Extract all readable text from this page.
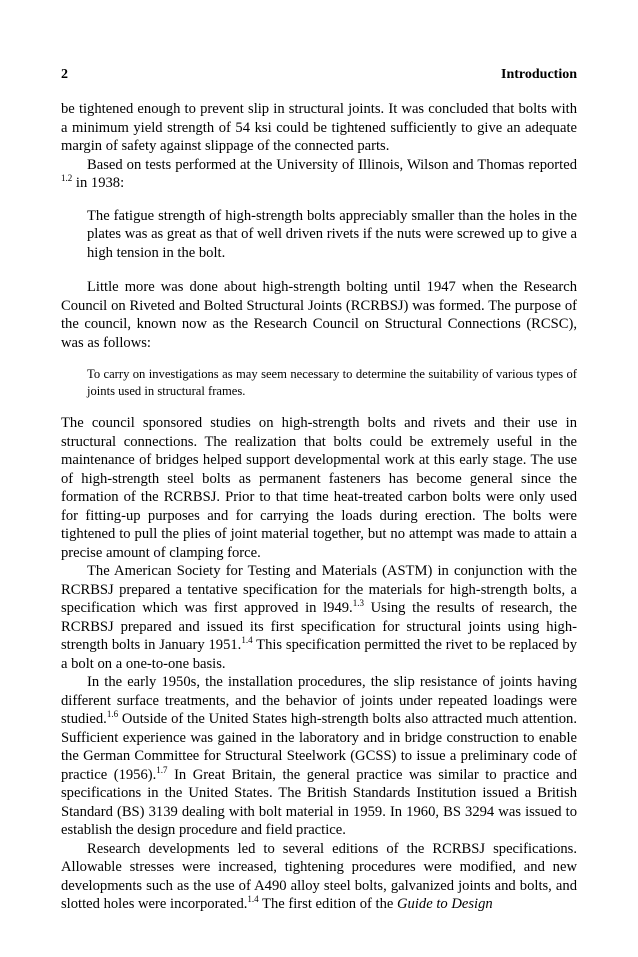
2	Introduction

be tightened enough to prevent slip in structural joints. It was concluded that bolts with a minimum yield strength of 54 ksi could be tightened sufficiently to give an adequate margin of safety against slippage of the connected parts.

Based on tests performed at the University of Illinois, Wilson and Thomas reported $^{1.2}$ in 1938:

The fatigue strength of high-strength bolts appreciably smaller than the holes in the plates was as great as that of well driven rivets if the nuts were screwed up to give a high tension in the bolt.

Little more was done about high-strength bolting until 1947 when the Research Council on Riveted and Bolted Structural Joints (RCRBSJ) was formed. The purpose of the council, known now as the Research Council on Structural Connections (RCSC), was as follows:

To carry on investigations as may seem necessary to determine the suitability of various types of joints used in structural frames.

The council sponsored studies on high-strength bolts and rivets and their use in structural connections. The realization that bolts could be extremely useful in the maintenance of bridges helped support developmental work at this early stage. The use of high-strength steel bolts as permanent fasteners has become general since the formation of the RCRBSJ. Prior to that time heat-treated carbon bolts were only used for fitting-up purposes and for carrying the loads during erection. The bolts were tightened to pull the plies of joint material together, but no attempt was made to attain a precise amount of clamping force.

The American Society for Testing and Materials (ASTM) in conjunction with the RCRBSJ prepared a tentative specification for the materials for high-strength bolts, a specification which was first approved in l949.$^{1.3}$ Using the results of research, the RCRBSJ prepared and issued its first specification for structural joints using high-strength bolts in January 1951.$^{1.4}$ This specification permitted the rivet to be replaced by a bolt on a one-to-one basis.

In the early 1950s, the installation procedures, the slip resistance of joints having different surface treatments, and the behavior of joints under repeated loadings were studied.$^{1.6}$ Outside of the United States high-strength bolts also attracted much attention. Sufficient experience was gained in the laboratory and in bridge construction to enable the German Committee for Structural Steelwork (GCSS) to issue a preliminary code of practice (1956).$^{1.7}$ In Great Britain, the general practice was similar to practice and specifications in the United States. The British Standards Institution issued a British Standard (BS) 3139 dealing with bolt material in 1959. In 1960, BS 3294 was issued to establish the design procedure and field practice.

Research developments led to several editions of the RCRBSJ specifications. Allowable stresses were increased, tightening procedures were modified, and new developments such as the use of A490 alloy steel bolts, galvanized joints and bolts, and slotted holes were incorporated.$^{1.4}$ The first edition of the Guide to Design
